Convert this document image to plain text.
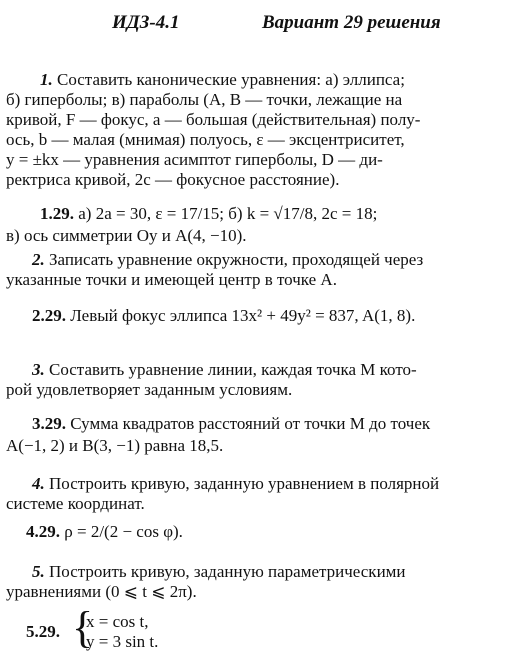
ИДЗ-4.1	Вариант 29 решения
1. Составить канонические уравнения: а) эллипса;
б) гиперболы; в) параболы (A, B — точки, лежащие на
кривой, F — фокус, a — большая (действительная) полу-
ось, b — малая (мнимая) полуось, ε — эксцентриситет,
y = ±kx — уравнения асимптот гиперболы, D — ди-
ректриса кривой, 2c — фокусное расстояние).
1.29. а) 2a = 30, ε = 17/15; б) k = √17/8, 2c = 18;
в) ось симметрии Oy и A(4, −10).
2. Записать уравнение окружности, проходящей через
указанные точки и имеющей центр в точке A.
2.29. Левый фокус эллипса 13x² + 49y² = 837, A(1, 8).
3. Составить уравнение линии, каждая точка M кото-
рой удовлетворяет заданным условиям.
3.29. Сумма квадратов расстояний от точки M до точек
A(−1, 2) и B(3, −1) равна 18,5.
4. Построить кривую, заданную уравнением в полярной
системе координат.
4.29. ρ = 2/(2 − cos φ).
5. Построить кривую, заданную параметрическими
уравнениями (0 ⩽ t ⩽ 2π).
5.29. {
x = cos t,
y = 3 sin t.
